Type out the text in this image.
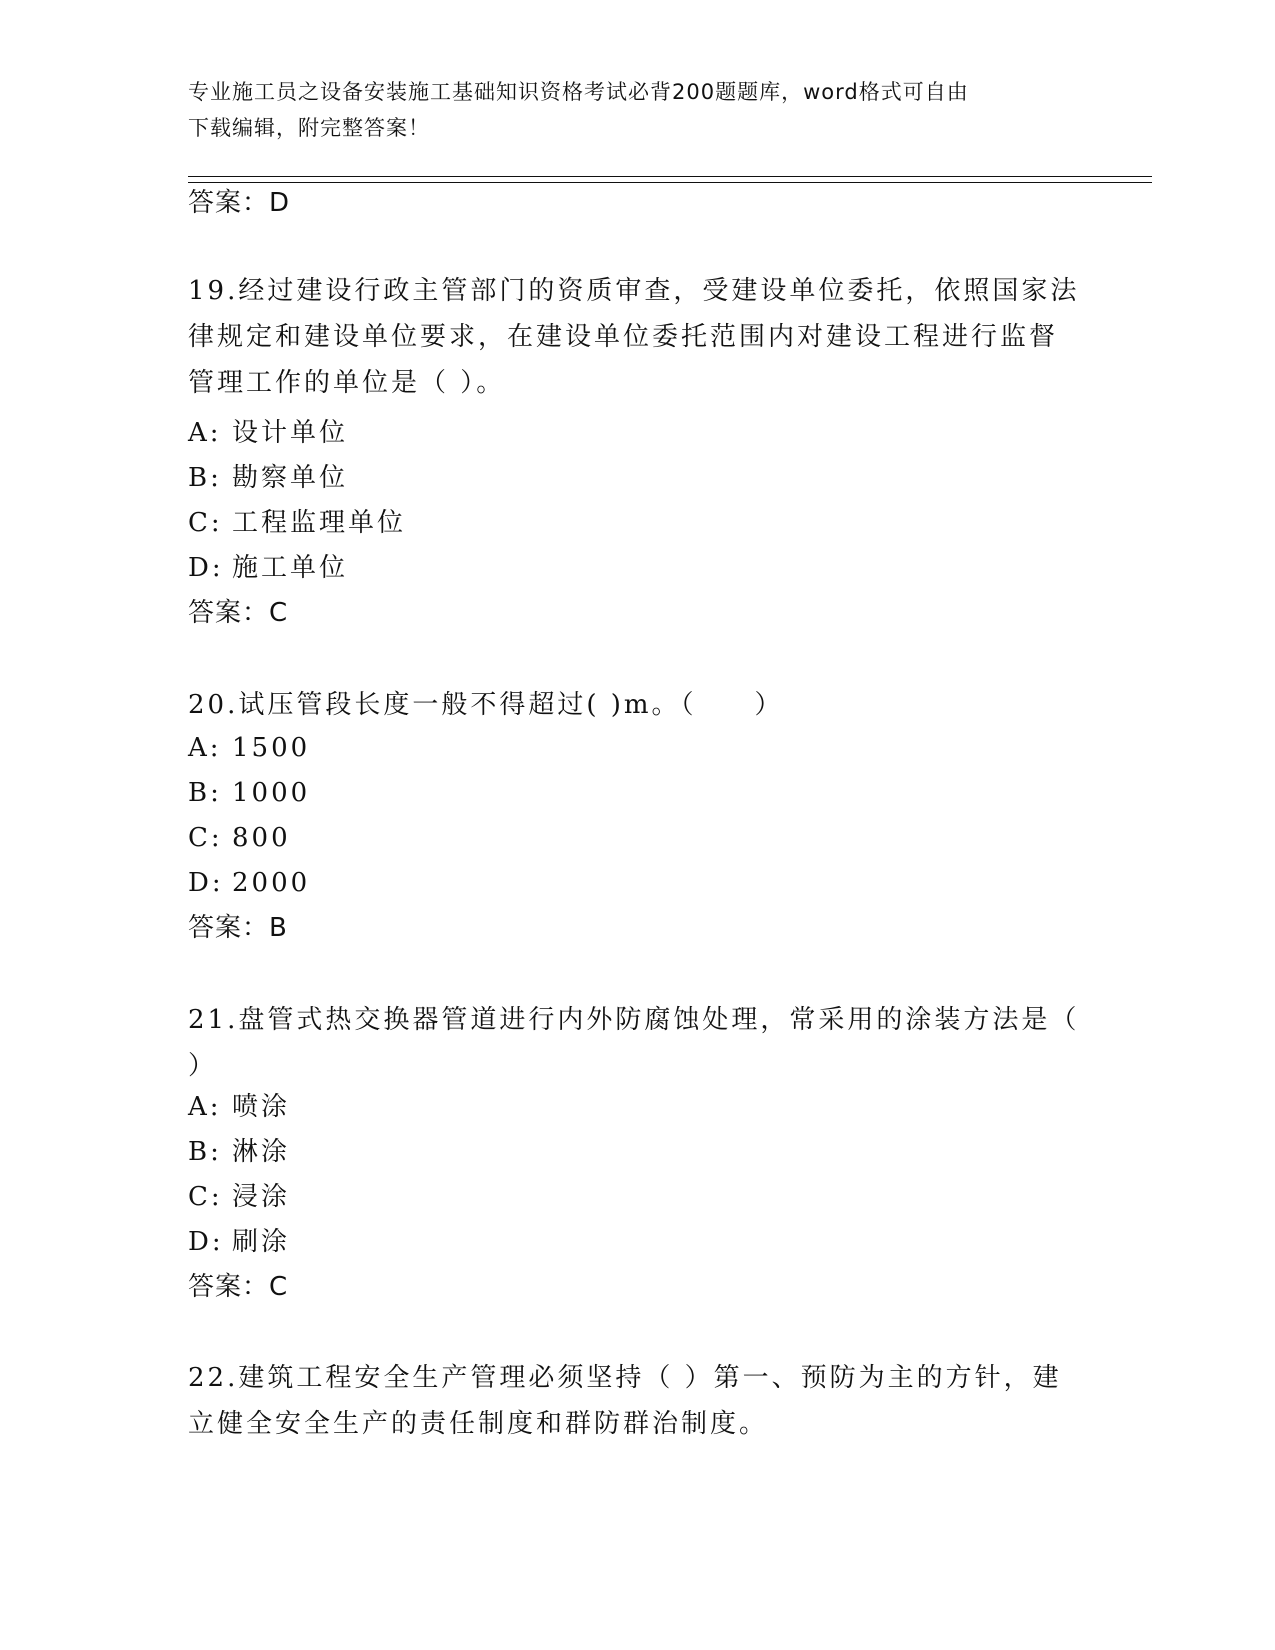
专业施工员之设备安装施工基础知识资格考试必背200题题库，word格式可自由
下载编辑，附完整答案！
答案：D
19.经过建设行政主管部门的资质审查，受建设单位委托，依照国家法
律规定和建设单位要求，在建设单位委托范围内对建设工程进行监督
管理工作的单位是（ ）。
A: 设计单位
B: 勘察单位
C: 工程监理单位
D: 施工单位
答案：C
20.试压管段长度一般不得超过( )m。（　　）
A: 1500
B: 1000
C: 800
D: 2000
答案：B
21.盘管式热交换器管道进行内外防腐蚀处理，常采用的涂装方法是（
）
A: 喷涂
B: 淋涂
C: 浸涂
D: 刷涂
答案：C
22.建筑工程安全生产管理必须坚持（ ）第一、预防为主的方针，建
立健全安全生产的责任制度和群防群治制度。
